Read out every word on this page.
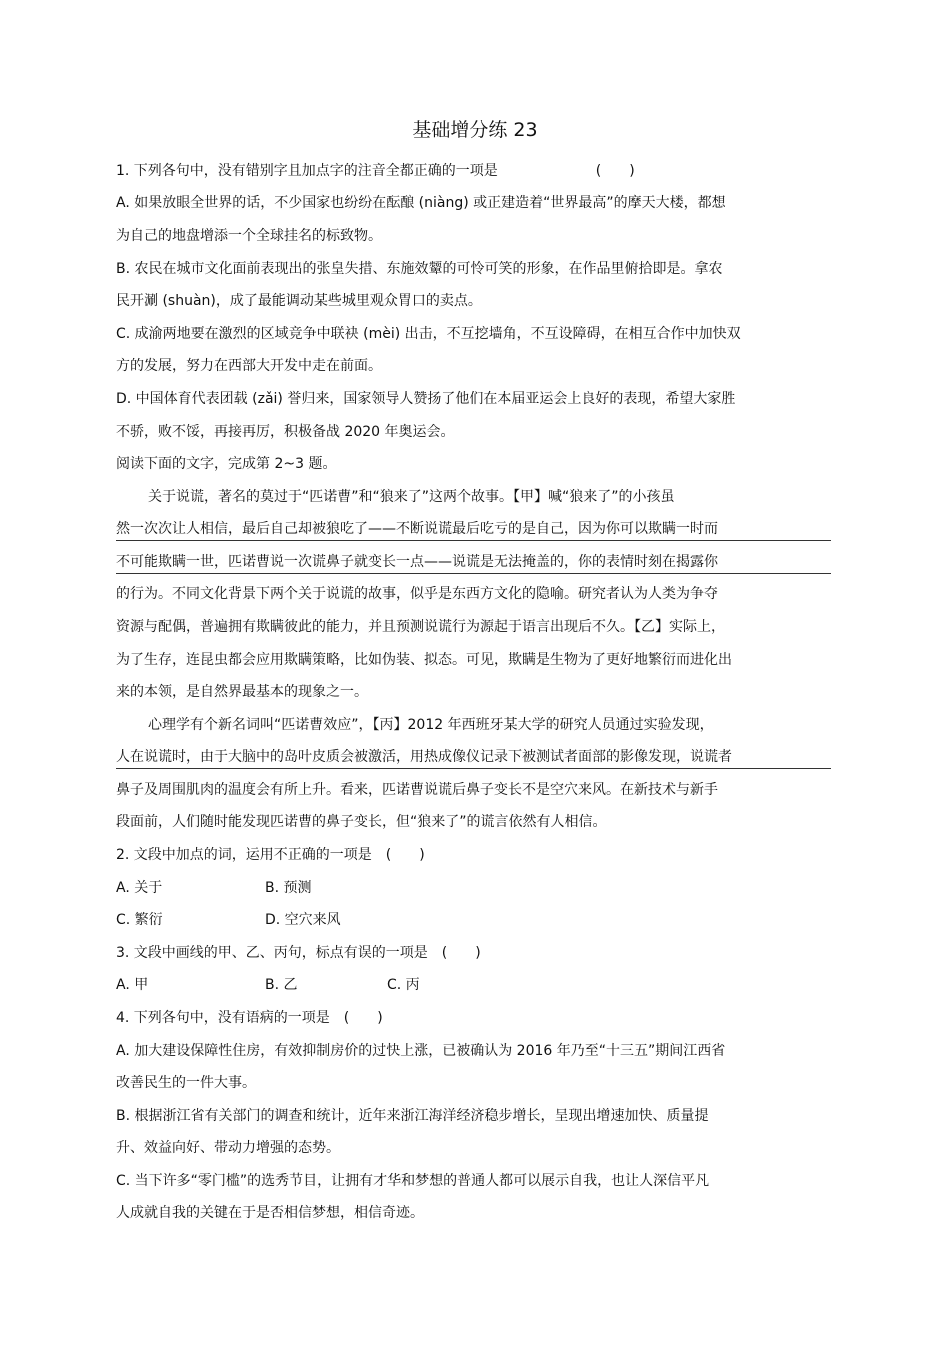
基础增分练 23
1. 下列各句中，没有错别字且加点字的注音全都正确的一项是　　　　　　　(　　)
A. 如果放眼全世界的话，不少国家也纷纷在酝酿 (niàng) 或正建造着“世界最高”的摩天大楼，都想
为自己的地盘增添一个全球挂名的标致物。
B. 农民在城市文化面前表现出的张皇失措、东施效颦的可怜可笑的形象，在作品里俯拾即是。拿农
民开涮 (shuàn)，成了最能调动某些城里观众胃口的卖点。
C. 成渝两地要在激烈的区域竞争中联袂 (mèi) 出击，不互挖墙角，不互设障碍，在相互合作中加快双
方的发展，努力在西部大开发中走在前面。
D. 中国体育代表团载 (zǎi) 誉归来，国家领导人赞扬了他们在本届亚运会上良好的表现，希望大家胜
不骄，败不馁，再接再厉，积极备战 2020 年奥运会。
阅读下面的文字，完成第 2~3 题。
关于说谎，著名的莫过于“匹诺曹”和“狼来了”这两个故事。【甲】喊“狼来了”的小孩虽
然一次次让人相信，最后自己却被狼吃了——不断说谎最后吃亏的是自己，因为你可以欺瞒一时而
不可能欺瞒一世，匹诺曹说一次谎鼻子就变长一点——说谎是无法掩盖的，你的表情时刻在揭露你
的行为。不同文化背景下两个关于说谎的故事，似乎是东西方文化的隐喻。研究者认为人类为争夺
资源与配偶，普遍拥有欺瞒彼此的能力，并且预测说谎行为源起于语言出现后不久。【乙】实际上，
为了生存，连昆虫都会应用欺瞒策略，比如伪装、拟态。可见，欺瞒是生物为了更好地繁衍而进化出
来的本领，是自然界最基本的现象之一。
心理学有个新名词叫“匹诺曹效应”，【丙】2012 年西班牙某大学的研究人员通过实验发现，
人在说谎时，由于大脑中的岛叶皮质会被激活，用热成像仪记录下被测试者面部的影像发现，说谎者
鼻子及周围肌肉的温度会有所上升。看来，匹诺曹说谎后鼻子变长不是空穴来风。在新技术与新手
段面前，人们随时能发现匹诺曹的鼻子变长，但“狼来了”的谎言依然有人相信。
2. 文段中加点的词，运用不正确的一项是　(　　)
A. 关于	B. 预测
C. 繁衍	D. 空穴来风
3. 文段中画线的甲、乙、丙句，标点有误的一项是　(　　)
A. 甲	B. 乙	C. 丙
4. 下列各句中，没有语病的一项是　(　　)
A. 加大建设保障性住房，有效抑制房价的过快上涨，已被确认为 2016 年乃至“十三五”期间江西省
改善民生的一件大事。
B. 根据浙江省有关部门的调查和统计，近年来浙江海洋经济稳步增长，呈现出增速加快、质量提
升、效益向好、带动力增强的态势。
C. 当下许多“零门槛”的选秀节目，让拥有才华和梦想的普通人都可以展示自我，也让人深信平凡
人成就自我的关键在于是否相信梦想，相信奇迹。
